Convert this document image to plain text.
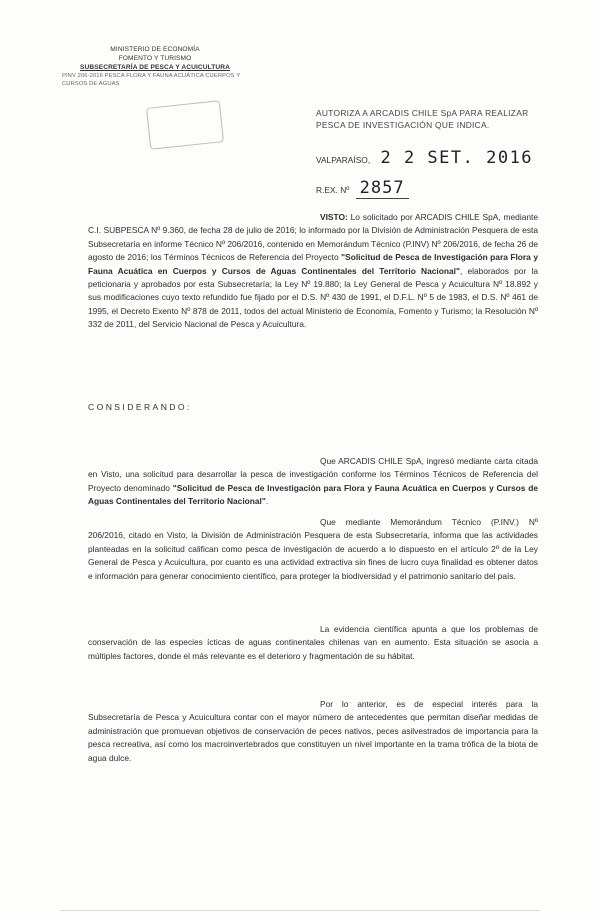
MINISTERIO DE ECONOMÍA
FOMENTO Y TURISMO
SUBSECRETARÍA DE PESCA Y ACUICULTURA
PINV 206-2016 PESCA FLORA Y FAUNA ACUÁTICA CUERPOS Y CURSOS DE AGUAS
AUTORIZA A ARCADIS CHILE SpA PARA REALIZAR PESCA DE INVESTIGACIÓN QUE INDICA.
VALPARAÍSO, 2 2 SET. 2016
R.EX. Nº 2857
VISTO: Lo solicitado por ARCADIS CHILE SpA, mediante C.I. SUBPESCA Nº 9.360, de fecha 28 de julio de 2016; lo informado por la División de Administración Pesquera de esta Subsecretaría en informe Técnico Nº 206/2016, contenido en Memorándum Técnico (P.INV) Nº 206/2016, de fecha 26 de agosto de 2016; los Términos Técnicos de Referencia del Proyecto "Solicitud de Pesca de Investigación para Flora y Fauna Acuática en Cuerpos y Cursos de Aguas Continentales del Territorio Nacional", elaborados por la peticionaria y aprobados por esta Subsecretaría; la Ley Nº 19.880; la Ley General de Pesca y Acuicultura Nº 18.892 y sus modificaciones cuyo texto refundido fue fijado por el D.S. Nº 430 de 1991, el D.F.L. Nº 5 de 1983, el D.S. Nº 461 de 1995, el Decreto Exento Nº 878 de 2011, todos del actual Ministerio de Economía, Fomento y Turismo; la Resolución Nº 332 de 2011, del Servicio Nacional de Pesca y Acuicultura.
CONSIDERANDO:
Que ARCADIS CHILE SpA, ingresó mediante carta citada en Visto, una solicitud para desarrollar la pesca de investigación conforme los Términos Técnicos de Referencia del Proyecto denominado "Solicitud de Pesca de Investigación para Flora y Fauna Acuática en Cuerpos y Cursos de Aguas Continentales del Territorio Nacional".
Que mediante Memorándum Técnico (P.INV.) Nº 206/2016, citado en Visto, la División de Administración Pesquera de esta Subsecretaría, informa que las actividades planteadas en la solicitud califican como pesca de investigación de acuerdo a lo dispuesto en el artículo 2º de la Ley General de Pesca y Acuicultura, por cuanto es una actividad extractiva sin fines de lucro cuya finalidad es obtener datos e información para generar conocimiento científico, para proteger la biodiversidad y el patrimonio sanitario del país.
La evidencia científica apunta a que los problemas de conservación de las especies ícticas de aguas continentales chilenas van en aumento. Esta situación se asocia a múltiples factores, donde el más relevante es el deterioro y fragmentación de su hábitat.
Por lo anterior, es de especial interés para la Subsecretaría de Pesca y Acuicultura contar con el mayor número de antecedentes que permitan diseñar medidas de administración que promuevan objetivos de conservación de peces nativos, peces asilvestrados de importancia para la pesca recreativa, así como los macroinvertebrados que constituyen un nivel importante en la trama trófica de la biota de agua dulce.
